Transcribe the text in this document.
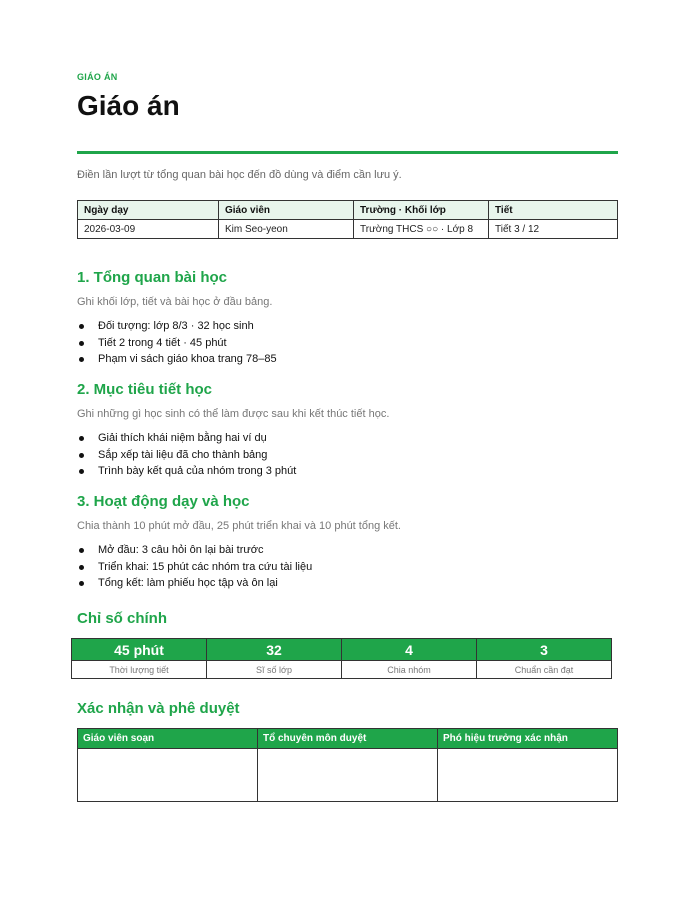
GIÁO ÁN
Giáo án
Điền lần lượt từ tổng quan bài học đến đồ dùng và điểm cần lưu ý.
Ngày dạy	Giáo viên	Trường · Khối lớp	Tiết
2026-03-09	Kim Seo-yeon	Trường THCS ○○ · Lớp 8	Tiết 3 / 12
1. Tổng quan bài học
Ghi khối lớp, tiết và bài học ở đầu bảng.
Đối tượng: lớp 8/3 · 32 học sinh
Tiết 2 trong 4 tiết · 45 phút
Phạm vi sách giáo khoa trang 78–85
2. Mục tiêu tiết học
Ghi những gì học sinh có thể làm được sau khi kết thúc tiết học.
Giải thích khái niệm bằng hai ví dụ
Sắp xếp tài liệu đã cho thành bảng
Trình bày kết quả của nhóm trong 3 phút
3. Hoạt động dạy và học
Chia thành 10 phút mở đầu, 25 phút triển khai và 10 phút tổng kết.
Mở đầu: 3 câu hỏi ôn lại bài trước
Triển khai: 15 phút các nhóm tra cứu tài liệu
Tổng kết: làm phiếu học tập và ôn lại
Chỉ số chính
45 phút	32	4	3
Thời lượng tiết	Sĩ số lớp	Chia nhóm	Chuẩn cần đạt
Xác nhận và phê duyệt
Giáo viên soạn	Tổ chuyên môn duyệt	Phó hiệu trưởng xác nhận
